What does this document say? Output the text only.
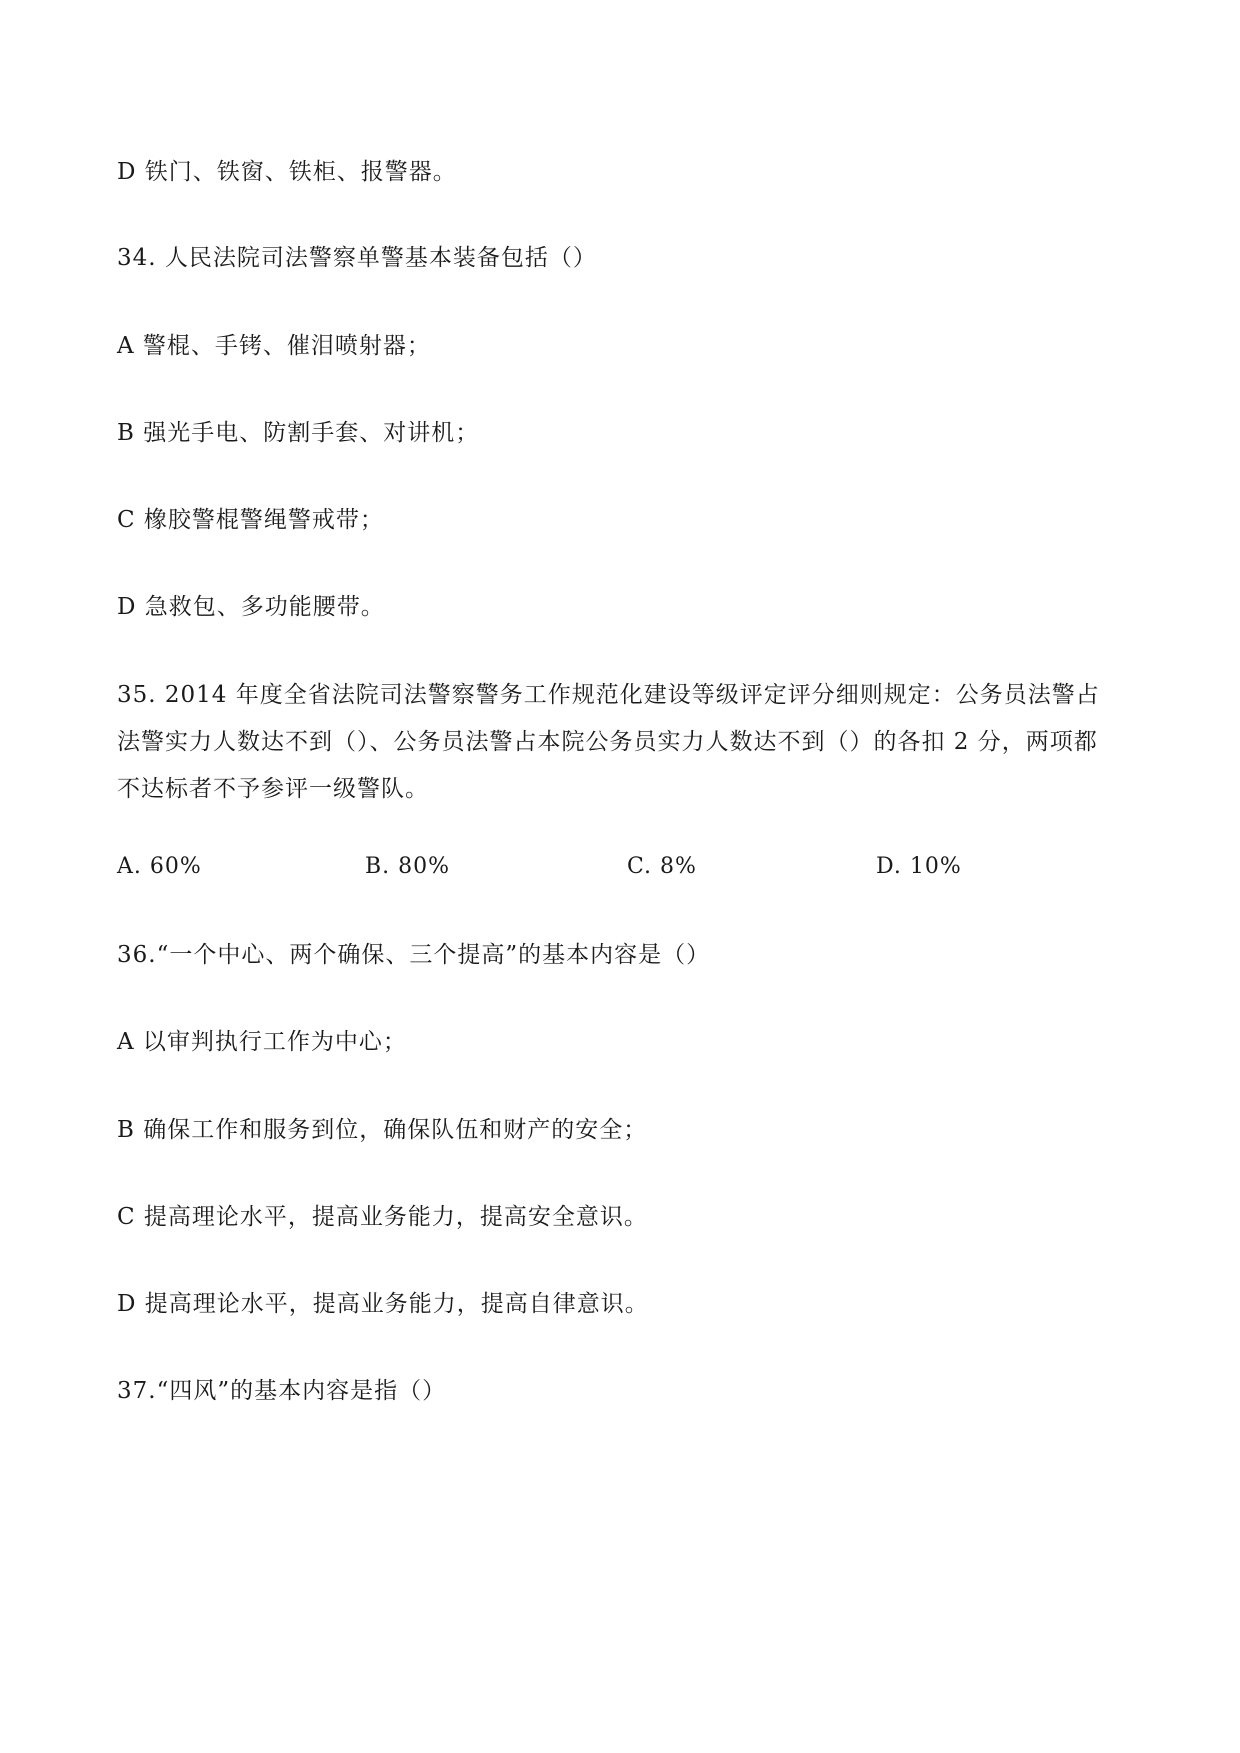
D 铁门、铁窗、铁柜、报警器。
34. 人民法院司法警察单警基本装备包括（）
A 警棍、手铐、催泪喷射器；
B 强光手电、防割手套、对讲机；
C 橡胶警棍警绳警戒带；
D 急救包、多功能腰带。
35. 2014 年度全省法院司法警察警务工作规范化建设等级评定评分细则规定：公务员法警占
法警实力人数达不到（）、公务员法警占本院公务员实力人数达不到（）的各扣 2 分，两项都
不达标者不予参评一级警队。
A. 60%	B. 80%	C. 8%	D. 10%
36.“一个中心、两个确保、三个提高”的基本内容是（）
A 以审判执行工作为中心；
B 确保工作和服务到位，确保队伍和财产的安全；
C 提高理论水平，提高业务能力，提高安全意识。
D 提高理论水平，提高业务能力，提高自律意识。
37.“四风”的基本内容是指（）
